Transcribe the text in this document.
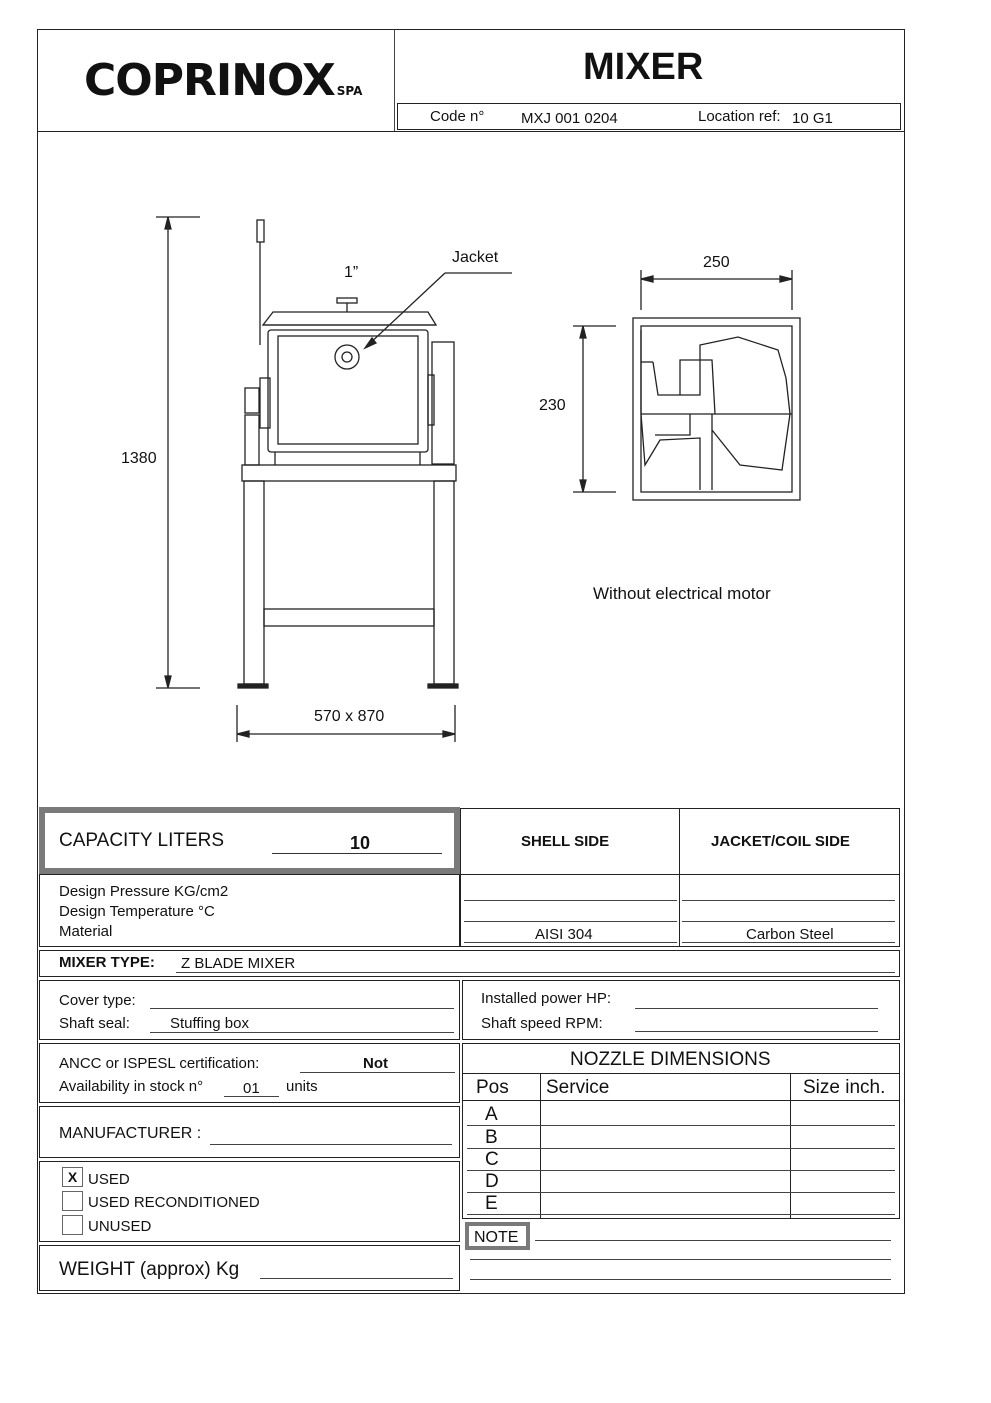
COPRINOX SPA
MIXER
Code n° MXJ 001 0204	Location ref: 10 G1
Jacket
1”
1380
570 x 870
250
230
Without electrical motor
CAPACITY LITERS	10	SHELL SIDE	JACKET/COIL SIDE
Design Pressure KG/cm2
Design Temperature °C
Material	AISI 304	Carbon Steel
MIXER TYPE: Z BLADE MIXER
Cover type:
Shaft seal:	Stuffing box
Installed power HP:
Shaft speed RPM:
ANCC or ISPESL certification:	Not
Availability in stock n°	01 units
NOZZLE DIMENSIONS
Pos Service	Size inch.
A
B
C
D
E
MANUFACTURER :
X USED
USED RECONDITIONED
UNUSED
WEIGHT (approx) Kg
NOTE
